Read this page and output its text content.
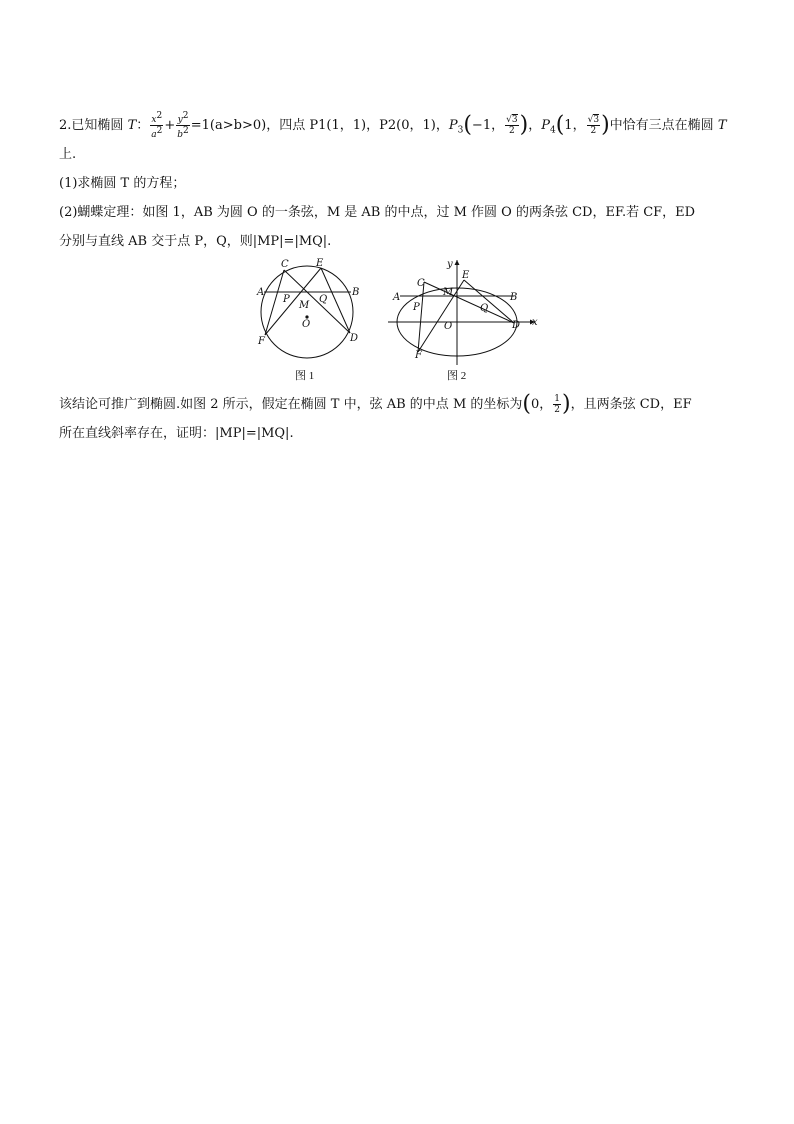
2.已知椭圆 T： $\frac{x^2}{a^2} + \frac{y^2}{b^2} =1(a>b>0)$，四点 P1(1，1)，P2(0，1)，$P_3(-1$， $\frac{√3}{2}$ )，$P_4(1$， $\frac{√3}{2}$ )中恰有三点在椭圆 T
上.
(1)求椭圆 T 的方程；
(2)蝴蝶定理：如图 1，AB 为圆 O 的一条弦，M 是 AB 的中点，过 M 作圆 O 的两条弦 CD，EF.若 CF，ED
分别与直线 AB 交于点 P，Q，则|MP|=|MQ|.
A	B
C	E
D
F
P	Q
M
O
图 1
A	B
C
E
D
F
P	Q
M
O	x
y
图 2
该结论可推广到椭圆.如图 2 所示，假定在椭圆 T 中，弦 AB 的中点 M 的坐标为(0， $\frac{1}{2}$ )，且两条弦 CD，EF
所在直线斜率存在，证明：|MP|=|MQ|.
